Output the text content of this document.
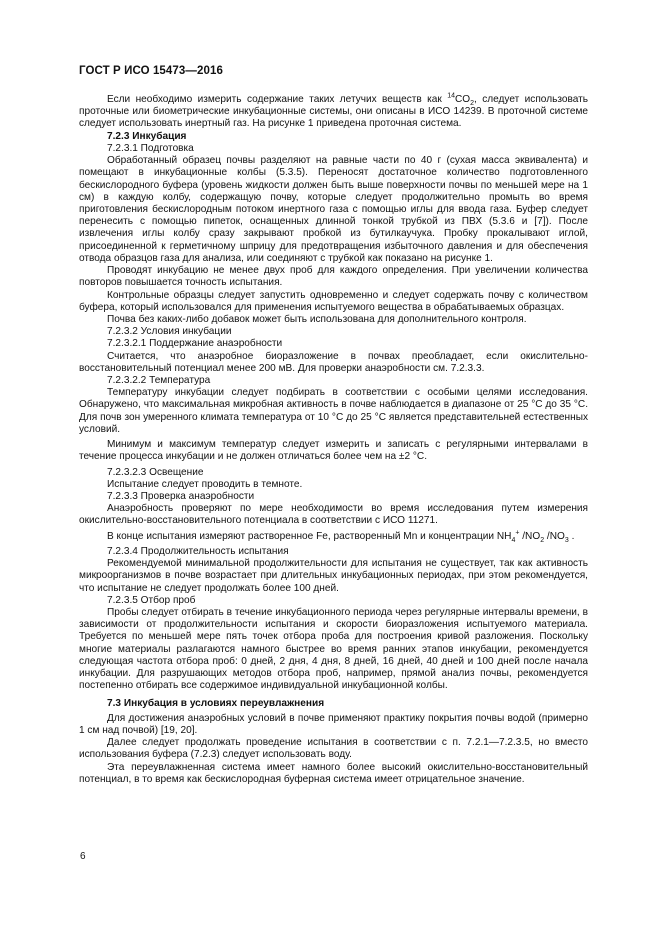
ГОСТ Р ИСО 15473—2016

Если необходимо измерить содержание таких летучих веществ как $^{14}CO_2$, следует использовать проточные или биометрические инкубационные системы, они описаны в ИСО 14239. В проточной системе следует использовать инертный газ. На рисунке 1 приведена проточная система.

7.2.3 Инкубация

7.2.3.1 Подготовка

Обработанный образец почвы разделяют на равные части по 40 г (сухая масса эквивалента) и помещают в инкубационные колбы (5.3.5). Переносят достаточное количество подготовленного бескислородного буфера (уровень жидкости должен быть выше поверхности почвы по меньшей мере на 1 см) в каждую колбу, содержащую почву, которые следует продолжительно промыть во время приготовления бескислородным потоком инертного газа с помощью иглы для ввода газа. Буфер следует перенесить с помощью пипеток, оснащенных длинной тонкой трубкой из ПВХ (5.3.6 и [7]). После извлечения иглы колбу сразу закрывают пробкой из бутилкаучука. Пробку прокалывают иглой, присоединенной к герметичному шприцу для предотвращения избыточного давления и для обеспечения отвода образцов газа для анализа, или соединяют с трубкой как показано на рисунке 1.

Проводят инкубацию не менее двух проб для каждого определения. При увеличении количества повторов повышается точность испытания.

Контрольные образцы следует запустить одновременно и следует содержать почву с количеством буфера, который использовался для применения испытуемого вещества в обрабатываемых образцах.

Почва без каких-либо добавок может быть использована для дополнительного контроля.

7.2.3.2 Условия инкубации

7.2.3.2.1 Поддержание анаэробности

Считается, что анаэробное биоразложение в почвах преобладает, если окислительно-восстановительный потенциал менее 200 мВ. Для проверки анаэробности см. 7.2.3.3.

7.2.3.2.2 Температура

Температуру инкубации следует подбирать в соответствии с особыми целями исследования. Обнаружено, что максимальная микробная активность в почве наблюдается в диапазоне от 25 °С до 35 °С. Для почв зон умеренного климата температура от 10 °С до 25 °С является представительней естественных условий.

Минимум и максимум температур следует измерить и записать с регулярными интервалами в течение процесса инкубации и не должен отличаться более чем на ±2 °С.

7.2.3.2.3 Освещение

Испытание следует проводить в темноте.

7.2.3.3 Проверка анаэробности

Анаэробность проверяют по мере необходимости во время исследования путем измерения окислительно-восстановительного потенциала в соответствии с ИСО 11271.

В конце испытания измеряют растворенное Fe, растворенный Mn и концентрации $NH_4^+$ $/NO_2$ $/NO_3$ .

7.2.3.4 Продолжительность испытания

Рекомендуемой минимальной продолжительности для испытания не существует, так как активность микроорганизмов в почве возрастает при длительных инкубационных периодах, при этом рекомендуется, что испытание не следует продолжать более 100 дней.

7.2.3.5 Отбор проб

Пробы следует отбирать в течение инкубационного периода через регулярные интервалы времени, в зависимости от продолжительности испытания и скорости биоразложения испытуемого материала. Требуется по меньшей мере пять точек отбора проба для построения кривой разложения. Поскольку многие материалы разлагаются намного быстрее во время ранних этапов инкубации, рекомендуется следующая частота отбора проб: 0 дней, 2 дня, 4 дня, 8 дней, 16 дней, 40 дней и 100 дней после начала инкубации. Для разрушающих методов отбора проб, например, прямой анализ почвы, рекомендуется постепенно отбирать все содержимое индивидуальной инкубационной колбы.

7.3 Инкубация в условиях переувлажнения

Для достижения анаэробных условий в почве применяют практику покрытия почвы водой (примерно 1 см над почвой) [19, 20].

Далее следует продолжать проведение испытания в соответствии с п. 7.2.1—7.2.3.5, но вместо использования буфера (7.2.3) следует использовать воду.

Эта переувлажненная система имеет намного более высокий окислительно-восстановительный потенциал, в то время как бескислородная буферная система имеет отрицательное значение.

6
